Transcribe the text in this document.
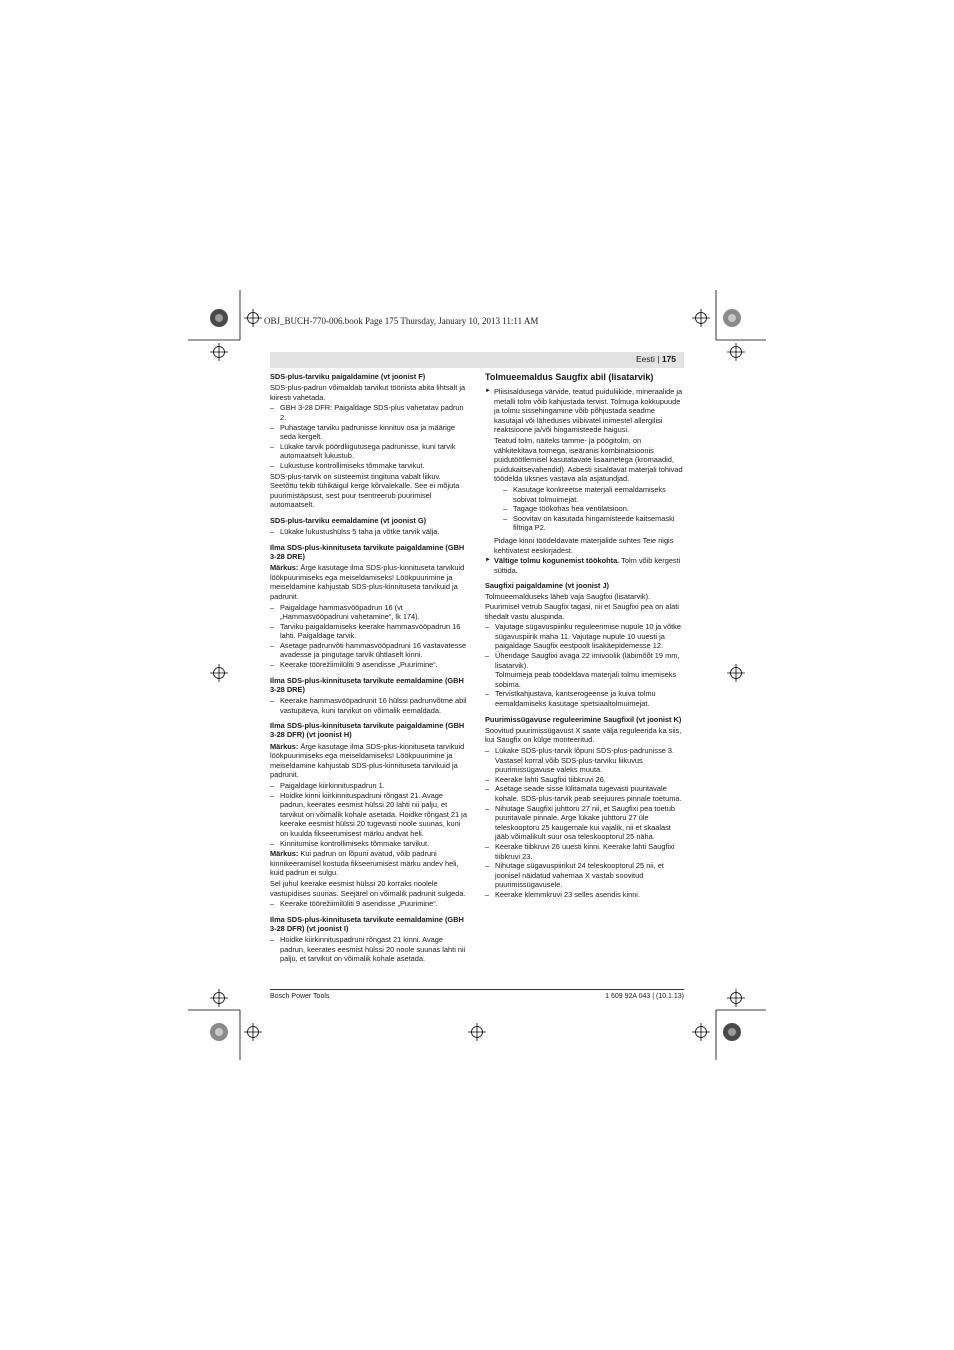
OBJ_BUCH-770-006.book Page 175 Thursday, January 10, 2013 11:11 AM
Eesti | 175
SDS-plus-tarviku paigaldamine (vt joonist F)

SDS-plus-padrun võimaldab tarvikut tööriista abita lihtsalt ja kiiresti vahetada.

– GBH 3-28 DFR: Paigaldage SDS-plus vahetatav padrun 2.
– Puhastage tarviku padrunisse kinnituv osa ja määrige seda kergelt.
– Lükake tarvik pöördliigutusega padrunisse, kuni tarvik automaatselt lukustub.
– Lukustuse kontrollimiseks tõmmake tarvikut.

SDS-plus-tarvik on süsteemist tingituna vabalt liikuv. Seetõttu tekib tühikäigul kerge kõrvalekalle. See ei mõjuta puurimistäpsust, sest puur tsentreerub puurimisel automaatselt.

SDS-plus-tarviku eemaldamine (vt joonist G)
– Lükake lukustushülss 5 taha ja võtke tarvik välja.
Ilma SDS-plus-kinnituseta tarvikute paigaldamine (GBH 3-28 DRE)

Märkus: Ärge kasutage ilma SDS-plus-kinnituseta tarvikuid löökpuurimiseks ega meiseldamiseks! Löökpuurimine ja meiseldamine kahjustab SDS-plus-kinnituseta tarvikuid ja padrunit.

– Paigaldage hammasvööpadrun 16 (vt „Hammasvööpadruni vahetamine“, lk 174).
– Tarviku paigaldamiseks keerake hammasvööpadrun 16 lahti. Paigaldage tarvik.
– Asetage padrunvõti hammasvööpadruni 16 vastavatesse avadesse ja pingutage tarvik ühtlaselt kinni.
– Keerake töörežiimilüliti 9 asendisse „Puurimine“.
Ilma SDS-plus-kinnituseta tarvikute eemaldamine (GBH 3-28 DRE)
– Keerake hammasvööpadrunit 16 hülssi padrunvõtme abil vastupäeva, kuni tarvikut on võimalik eemaldada.
Ilma SDS-plus-kinnituseta tarvikute paigaldamine (GBH 3-28 DFR) (vt joonist H)

Märkus: Ärge kasutage ilma SDS-plus-kinnituseta tarvikuid löökpuurimiseks ega meiseldamiseks! Löökpuurimine ja meiseldamine kahjustab SDS-plus-kinnituseta tarvikuid ja padrunit.

– Paigaldage kiirkinnituspadrun 1.
– Hoidke kinni kiirkinnituspadruni rõngast 21. Avage padrun, keerates eesmist hülssi 20 lahti nii palju, et tarvikut on võimalik kohale asetada. Hoidke rõngast 21 ja keerake eesmist hülssi 20 tugevasti noole suunas, kuni on kuulda fikseerumisest märku andvat heli.
– Kinnitumise kontrollimiseks tõmmake tarvikut.

Märkus: Kui padrun on lõpuni avatud, võib padruni kinnikeeramisel kostuda fikseerumisest märku andev heli, kuid padrun ei sulgu.

Sel juhul keerake eesmist hülssi 20 korraks noolele vastupidises suunas. Seejärel on võimalik padrunit sulgeda.

– Keerake töörežiimilüliti 9 asendisse „Puurimine“.
Ilma SDS-plus-kinnituseta tarvikute eemaldamine (GBH 3-28 DFR) (vt joonist I)
– Hoidke kiirkinnituspadruni rõngast 21 kinni. Avage padrun, keerates eesmist hülssi 20 noole suunas lahti nii palju, et tarvikut on võimalik kohale asetada.
Tolmueemaldus Saugfix abil (lisatarvik)
► Pliisisaldusega värvide, teatud puiduliikide, mineraalide ja metalli tolm võib kahjustada tervist. Tolmuga kokkupuude ja tolmu sissehingamine võib põhjustada seadme kasutajal või läheduses viibivatel inimestel allergilisi reaktsioone ja/või hingamisteede haigusi.

Teatud tolm, näiteks tamme- ja pöögitolm, on vähkitekitava toimega, iseäranis kombinatsioonis puidutöötlemisel kasutatavate lisaainetega (kromaadid, puidukaitsevahendid). Asbesti sisaldavat materjali tohivad töödelda üksnes vastava ala asjatundjad.

– Kasutage konkreetse materjali eemaldamiseks sobivat tolmuimejat.
– Tagage töökohas hea ventilatsioon.
– Soovitav on kasutada hingamisteede kaitsemaski filtriga P2.

Pidage kinni töödeldavate materjalide suhtes Teie riigis kehtivatest eeskirjadest.

► Vältige tolmu kogunemist töökohta. Tolm võib kergesti süttida.
Saugfixi paigaldamine (vt joonist J)

Tolmueemalduseks läheb vaja Saugfixi (lisatarvik). Puurimisel vetrub Saugfix tagasi, nii et Saugfixi pea on alati tihedalt vastu aluspinda.

– Vajutage sügavuspiiriku reguleerimise nupule 10 ja võtke sügavuspiirik maha 11. Vajutage nupule 10 uuesti ja paigaldage Saugfix eestpoolt lisakäepidemesse 12.
– Ühendage Saugfixi avaga 22 imivoolik (läbimõõt 19 mm, lisatarvik).
Tolmuimeja peab töödeldava materjali tolmu imemiseks sobima.
– Tervistkahjustava, kantserogeense ja kuiva tolmu eemaldamiseks kasutage spetsiaaltolmuimejat.
Puurimissügavuse reguleerimine Saugfixil (vt joonist K)

Soovitud puurimissügavust X saate välja reguleerida ka siis, kui Saugfix on külge monteeritud.

– Lükake SDS-plus-tarvik lõpuni SDS-plus-padrunisse 3. Vastasel korral võib SDS-plus-tarviku liikuvus puurimissügavuse valeks muuta.
– Keerake lahti Saugfixi tiibkruvi 26.
– Asetage seade sisse lülitamata tugevasti puuritavale kohale. SDS-plus-tarvik peab seejuures pinnale toetuma.
– Nihutage Saugfixi juhttoru 27 nii, et Saugfixi pea toetub puuritavale pinnale. Arge lükake juhttoru 27 üle teleskooptoru 25 kaugemale kui vajalik, nii et skaalast jääb võimalikult suur osa teleskooptorul 25 näha.
– Keerake tiibkruvi 26 uuesti kinni. Keerake lahti Saugfixi tiibkruvi 23.
– Nihutage sügavuspiirikut 24 teleskooptorul 25 nii, et joonisel näidatud vahemaa X vastab soovitud puurimissügavusele.
– Keerake klemmkruvi 23 selles asendis kinni.
Bosch Power Tools	1 609 92A 043 | (10.1.13)
